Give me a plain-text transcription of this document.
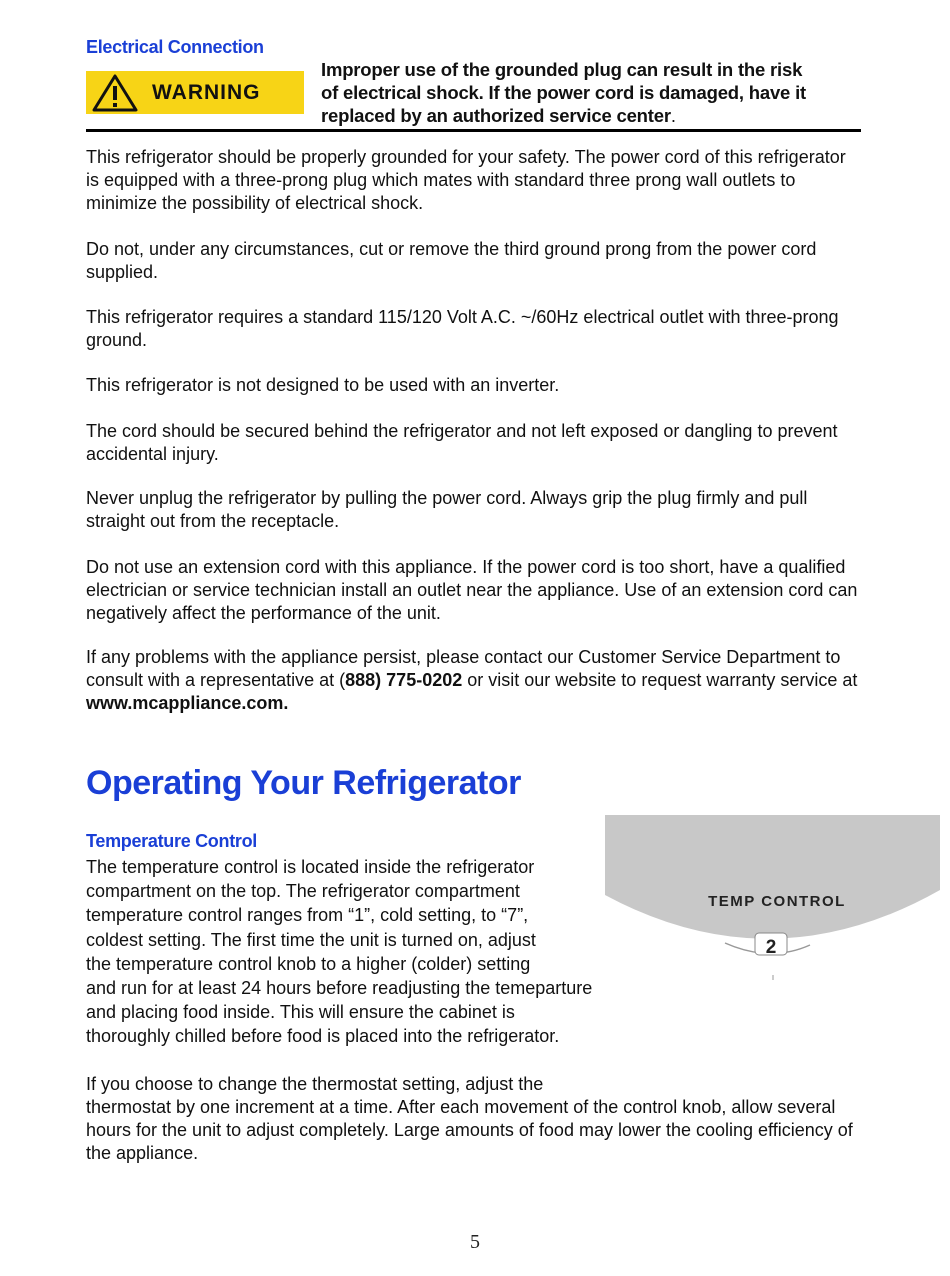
Electrical Connection
WARNING

Improper use of the grounded plug can result in the risk
of electrical shock. If the power cord is damaged, have it
replaced by an authorized service center.

This refrigerator should be properly grounded for your safety. The power cord of this refrigerator is equipped with a three-prong plug which mates with standard three prong wall outlets to minimize the possibility of electrical shock.

Do not, under any circumstances, cut or remove the third ground prong from the power cord supplied.

This refrigerator requires a standard 115/120 Volt A.C. ~/60Hz electrical outlet with three-prong ground.

This refrigerator is not designed to be used with an inverter.

The cord should be secured behind the refrigerator and not left exposed or dangling to prevent accidental injury.

Never unplug the refrigerator by pulling the power cord. Always grip the plug firmly and pull straight out from the receptacle.

Do not use an extension cord with this appliance. If the power cord is too short, have a qualified electrician or service technician install an outlet near the appliance. Use of an extension cord can negatively affect the performance of the unit.

If any problems with the appliance persist, please contact our Customer Service Department to consult with a representative at (888) 775-0202 or visit our website to request warranty service at www.mcappliance.com.

Operating Your Refrigerator
Temperature Control

The temperature control is located inside the refrigerator
compartment on the top. The refrigerator compartment
temperature control ranges from “1”, cold setting, to “7”,
coldest setting. The first time the unit is turned on, adjust
the temperature control knob to a higher (colder) setting
and run for at least 24 hours before readjusting the temeparture
and placing food inside. This will ensure the cabinet is
thoroughly chilled before food is placed into the refrigerator.

TEMP CONTROL
2

If you choose to change the thermostat setting, adjust the
thermostat by one increment at a time. After each movement of the control knob, allow several hours for the unit to adjust completely. Large amounts of food may lower the cooling efficiency of the appliance.

5
